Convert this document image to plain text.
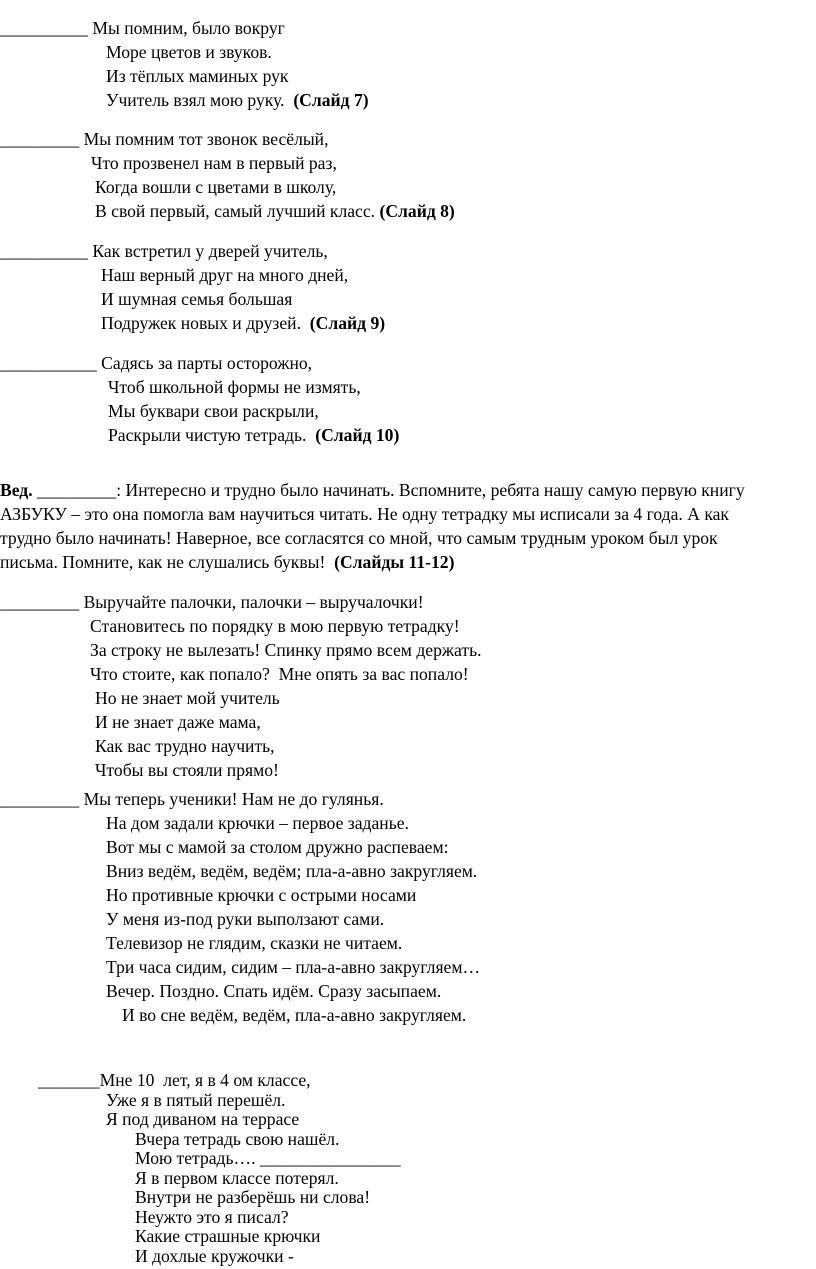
__________ Мы помним, было вокруг

Море цветов и звуков.

Из тёплых маминых рук

Учитель взял мою руку.  (Слайд 7)

_________ Мы помним тот звонок весёлый,

Что прозвенел нам в первый раз,

Когда вошли с цветами в школу,

В свой первый, самый лучший класс. (Слайд 8)

__________ Как встретил у дверей учитель,

Наш верный друг на много дней,

И шумная семья большая

Подружек новых и друзей.  (Слайд 9)

___________ Садясь за парты осторожно,

Чтоб школьной формы не измять,

Мы буквари свои раскрыли,

Раскрыли чистую тетрадь.  (Слайд 10)

Вед. _________: Интересно и трудно было начинать. Вспомните, ребята нашу самую первую книгу

АЗБУКУ – это она помогла вам научиться читать. Не одну тетрадку мы исписали за 4 года. А как

трудно было начинать! Наверное, все согласятся со мной, что самым трудным уроком был урок

письма. Помните, как не слушались буквы!  (Слайды 11-12)

_________ Выручайте палочки, палочки – выручалочки!

Становитесь по порядку в мою первую тетрадку!

За строку не вылезать! Спинку прямо всем держать.

Что стоите, как попало?  Мне опять за вас попало!

Но не знает мой учитель

И не знает даже мама,

Как вас трудно научить,

Чтобы вы стояли прямо!

_________ Мы теперь ученики! Нам не до гулянья.

На дом задали крючки – первое заданье.

Вот мы с мамой за столом дружно распеваем:

Вниз ведём, ведём, ведём; пла-а-авно закругляем.

Но противные крючки с острыми носами

У меня из-под руки выползают сами.

Телевизор не глядим, сказки не читаем.

Три часа сидим, сидим – пла-а-авно закругляем…

Вечер. Поздно. Спать идём. Сразу засыпаем.

И во сне ведём, ведём, пла-а-авно закругляем.

_______Мне 10  лет, я в 4 ом классе,

Уже я в пятый перешёл.

Я под диваном на террасе

Вчера тетрадь свою нашёл.

Мою тетрадь…. ________________

Я в первом классе потерял.

Внутри не разберёшь ни слова!

Неужто это я писал?

Какие страшные крючки

И дохлые кружочки -
